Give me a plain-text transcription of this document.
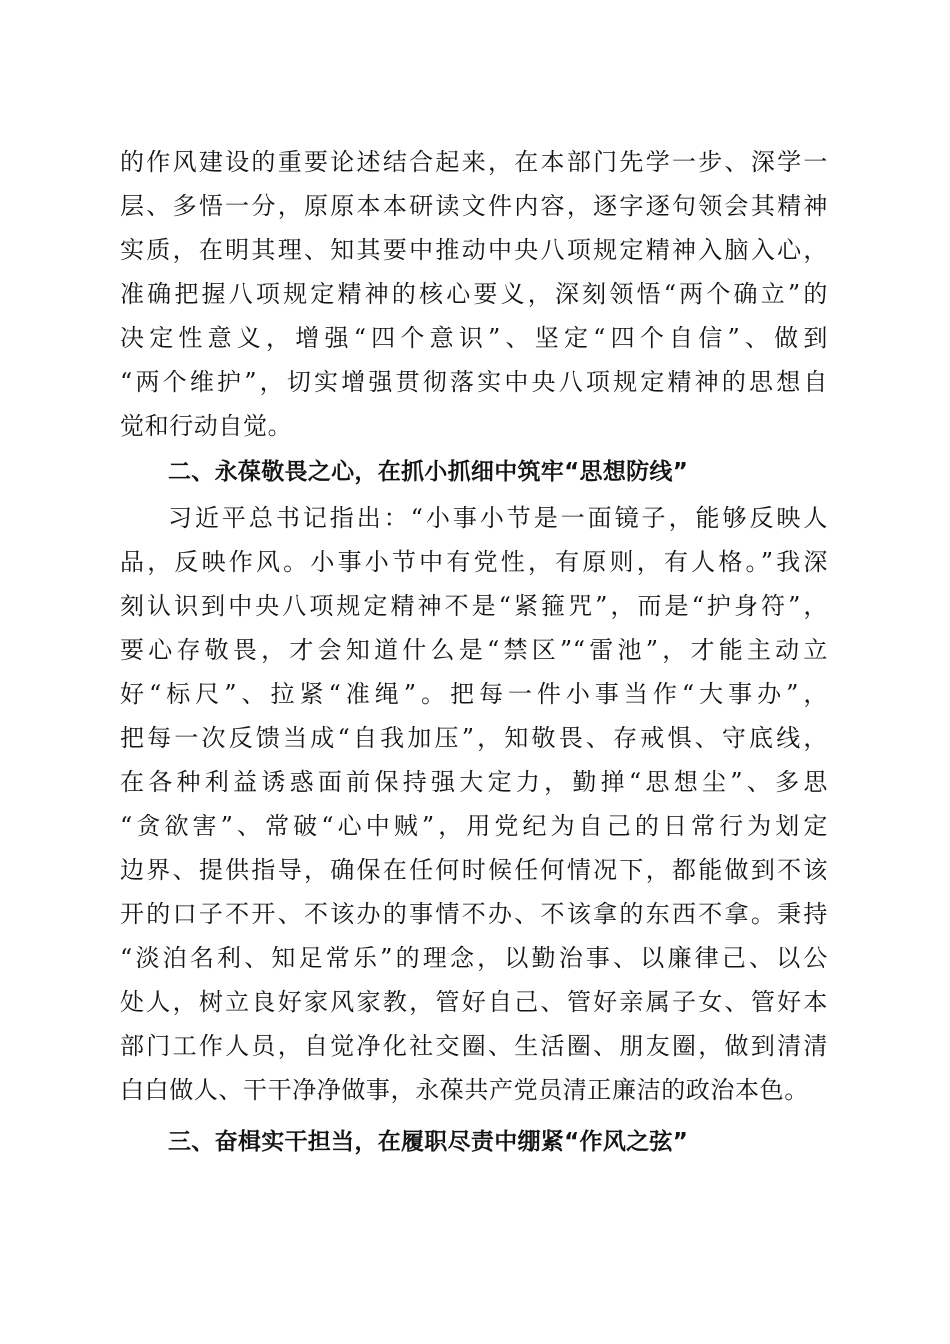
的作风建设的重要论述结合起来，在本部门先学一步、深学一
层、多悟一分，原原本本研读文件内容，逐字逐句领会其精神
实质，在明其理、知其要中推动中央八项规定精神入脑入心，
准确把握八项规定精神的核心要义，深刻领悟“两个确立”的
决定性意义，增强“四个意识”、坚定“四个自信”、做到
“两个维护”，切实增强贯彻落实中央八项规定精神的思想自
觉和行动自觉。
二、永葆敬畏之心，在抓小抓细中筑牢“思想防线”
习近平总书记指出：“小事小节是一面镜子，能够反映人
品，反映作风。小事小节中有党性，有原则，有人格。”我深
刻认识到中央八项规定精神不是“紧箍咒”，而是“护身符”，
要心存敬畏，才会知道什么是“禁区”“雷池”，才能主动立
好“标尺”、拉紧“准绳”。把每一件小事当作“大事办”，
把每一次反馈当成“自我加压”，知敬畏、存戒惧、守底线，
在各种利益诱惑面前保持强大定力，勤掸“思想尘”、多思
“贪欲害”、常破“心中贼”，用党纪为自己的日常行为划定
边界、提供指导，确保在任何时候任何情况下，都能做到不该
开的口子不开、不该办的事情不办、不该拿的东西不拿。秉持
“淡泊名利、知足常乐”的理念，以勤治事、以廉律己、以公
处人，树立良好家风家教，管好自己、管好亲属子女、管好本
部门工作人员，自觉净化社交圈、生活圈、朋友圈，做到清清
白白做人、干干净净做事，永葆共产党员清正廉洁的政治本色。
三、奋楫实干担当，在履职尽责中绷紧“作风之弦”
